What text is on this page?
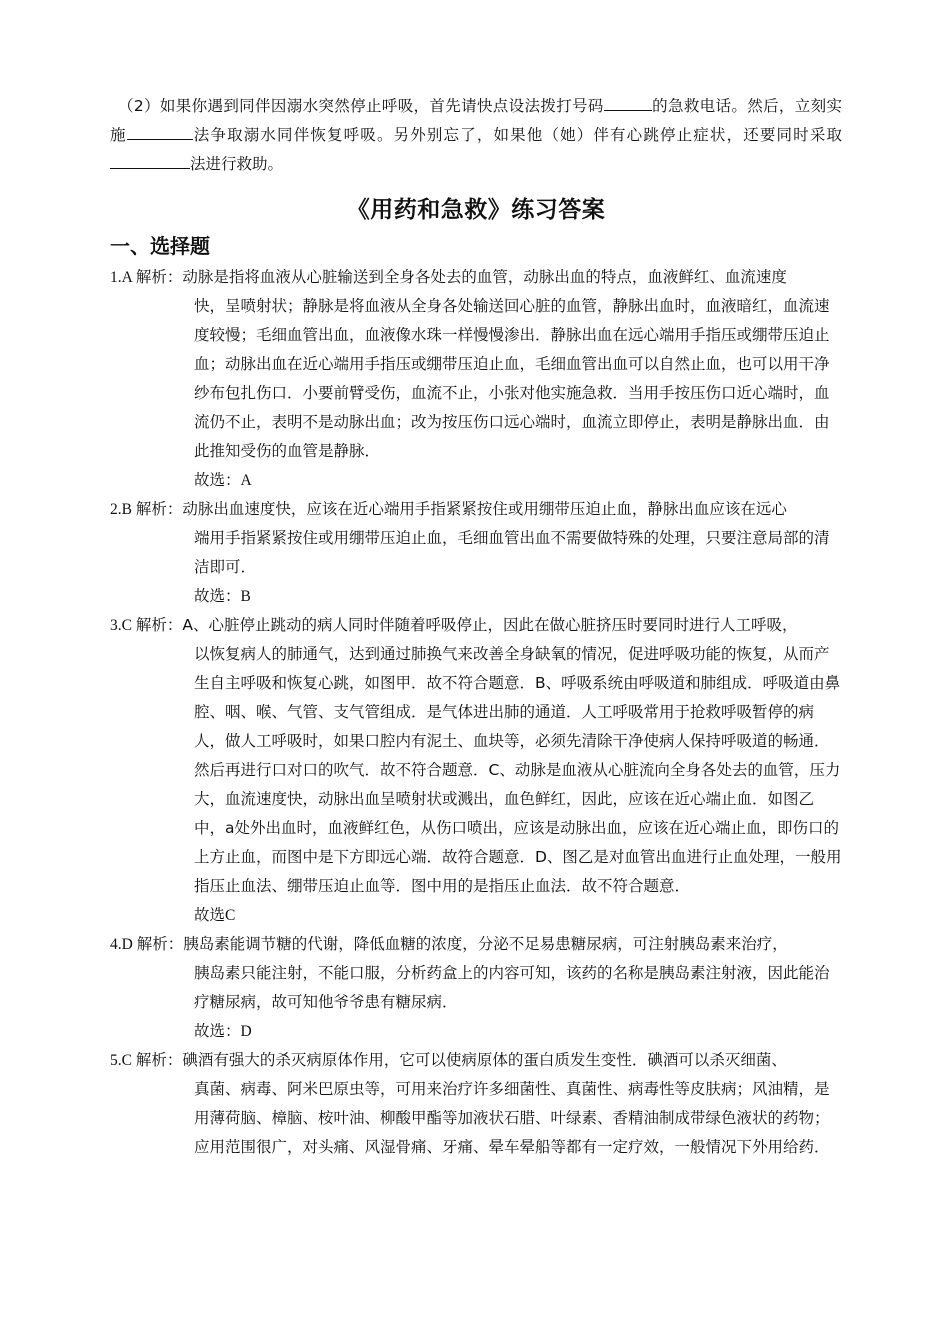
（2）如果你遇到同伴因溺水突然停止呼吸，首先请快点设法拨打号码	的急救电话。然后，立刻实施	法争取溺水同伴恢复呼吸。另外别忘了，如果他（她）伴有心跳停止症状，还要同时采取法进行救助。
《用药和急救》练习答案
一、选择题
1.A 解析：动脉是指将血液从心脏输送到全身各处去的血管，动脉出血的特点，血液鲜红、血流速度
快，呈喷射状；静脉是将血液从全身各处输送回心脏的血管，静脉出血时，血液暗红，血流速度较慢；毛细血管出血，血液像水珠一样慢慢渗出．静脉出血在远心端用手指压或绷带压迫止血；动脉出血在近心端用手指压或绷带压迫止血，毛细血管出血可以自然止血，也可以用干净纱布包扎伤口．小要前臂受伤，血流不止，小张对他实施急救．当用手按压伤口近心端时，血流仍不止，表明不是动脉出血；改为按压伤口远心端时，血流立即停止，表明是静脉出血．由此推知受伤的血管是静脉．
故选：A
2.B 解析：动脉出血速度快，应该在近心端用手指紧紧按住或用绷带压迫止血，静脉出血应该在远心
端用手指紧紧按住或用绷带压迫止血，毛细血管出血不需要做特殊的处理，只要注意局部的清洁即可．
故选：B
3.C 解析：A、心脏停止跳动的病人同时伴随着呼吸停止，因此在做心脏挤压时要同时进行人工呼吸，
以恢复病人的肺通气，达到通过肺换气来改善全身缺氧的情况，促进呼吸功能的恢复，从而产生自主呼吸和恢复心跳，如图甲．故不符合题意．B、呼吸系统由呼吸道和肺组成．呼吸道由鼻腔、咽、喉、气管、支气管组成．是气体进出肺的通道．人工呼吸常用于抢救呼吸暂停的病人，做人工呼吸时，如果口腔内有泥土、血块等，必须先清除干净使病人保持呼吸道的畅通．然后再进行口对口的吹气．故不符合题意．C、动脉是血液从心脏流向全身各处去的血管，压力大，血流速度快，动脉出血呈喷射状或溅出，血色鲜红，因此，应该在近心端止血．如图乙中，a处外出血时，血液鲜红色，从伤口喷出，应该是动脉出血，应该在近心端止血，即伤口的上方止血，而图中是下方即远心端．故符合题意．D、图乙是对血管出血进行止血处理，一般用指压止血法、绷带压迫止血等．图中用的是指压止血法．故不符合题意．
故选C
4.D 解析：胰岛素能调节糖的代谢，降低血糖的浓度，分泌不足易患糖尿病，可注射胰岛素来治疗，
胰岛素只能注射，不能口服，分析药盒上的内容可知，该药的名称是胰岛素注射液，因此能治疗糖尿病，故可知他爷爷患有糖尿病．
故选：D
5.C 解析：碘酒有强大的杀灭病原体作用，它可以使病原体的蛋白质发生变性．碘酒可以杀灭细菌、
真菌、病毒、阿米巴原虫等，可用来治疗许多细菌性、真菌性、病毒性等皮肤病；风油精，是用薄荷脑、樟脑、桉叶油、柳酸甲酯等加液状石腊、叶绿素、香精油制成带绿色液状的药物；应用范围很广，对头痛、风湿骨痛、牙痛、晕车晕船等都有一定疗效，一般情况下外用给药．
